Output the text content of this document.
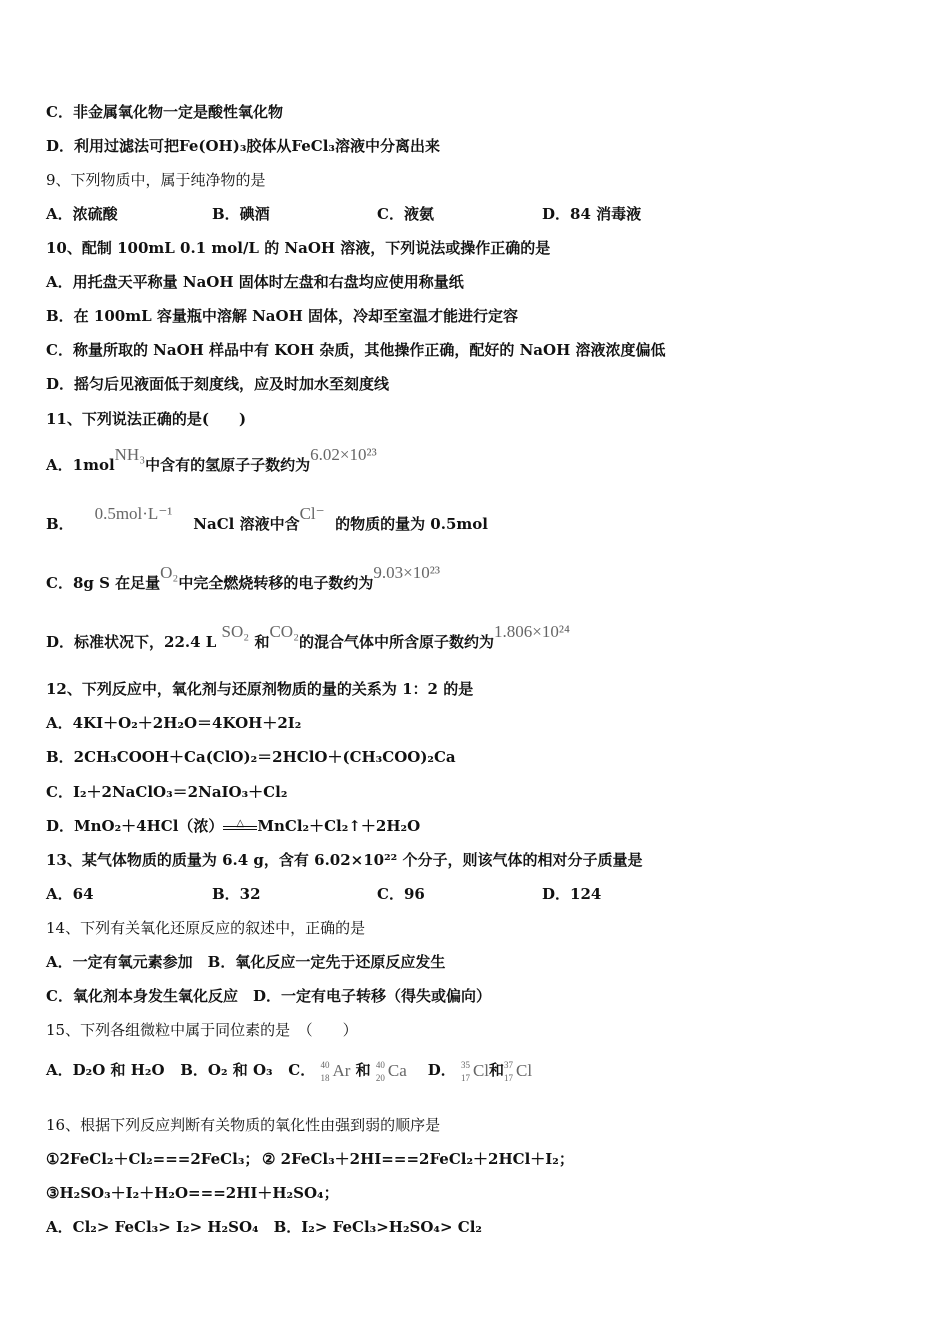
C．非金属氧化物一定是酸性氧化物
D．利用过滤法可把Fe(OH)₃胶体从FeCl₃溶液中分离出来
9、下列物质中，属于纯净物的是
A．浓硫酸	B．碘酒	C．液氨	D．84 消毒液
10、配制 100mL 0.1 mol/L 的 NaOH 溶液，下列说法或操作正确的是
A．用托盘天平称量 NaOH 固体时左盘和右盘均应使用称量纸
B．在 100mL 容量瓶中溶解 NaOH 固体，冷却至室温才能进行定容
C．称量所取的 NaOH 样品中有 KOH 杂质，其他操作正确，配好的 NaOH 溶液浓度偏低
D．摇匀后见液面低于刻度线，应及时加水至刻度线
11、下列说法正确的是(　　)
A．1molNH₃中含有的氢原子子数约为6.02×10²³
B．    0.5mol·L⁻¹    NaCl 溶液中含Cl⁻  的物质的量为 0.5mol
C．8g S 在足量O₂中完全燃烧转移的电子数约为9.03×10²³
D．标准状况下，22.4 L SO₂ 和CO₂的混合气体中所含原子数约为1.806×10²⁴
12、下列反应中，氧化剂与还原剂物质的量的关系为 1：2 的是
A．4KI＋O₂＋2H₂O＝4KOH＋2I₂
B．2CH₃COOH＋Ca(ClO)₂＝2HClO＋(CH₃COO)₂Ca
C．I₂＋2NaClO₃＝2NaIO₃＋Cl₂
D．MnO₂＋4HCl（浓） △ MnCl₂＋Cl₂↑＋2H₂O
13、某气体物质的质量为 6.4 g，含有 6.02×10²² 个分子，则该气体的相对分子质量是
A．64	B．32	C．96	D．124
14、下列有关氧化还原反应的叙述中，正确的是
A．一定有氧元素参加　B．氧化反应一定先于还原反应发生
C．氧化剂本身发生氧化反应　D．一定有电子转移（得失或偏向）
15、下列各组微粒中属于同位素的是　（　　）
A．D₂O 和 H₂O B．O₂ 和 O₃ C． 40
18 Ar 和 40
20 Ca D． 35
17 Cl和 37
17 Cl
16、根据下列反应判断有关物质的氧化性由强到弱的顺序是
①2FeCl₂＋Cl₂===2FeCl₃； ② 2FeCl₃＋2HI===2FeCl₂＋2HCl＋I₂；
③H₂SO₃＋I₂＋H₂O===2HI＋H₂SO₄；
A．Cl₂> FeCl₃> I₂> H₂SO₄　B．I₂> FeCl₃>H₂SO₄> Cl₂
